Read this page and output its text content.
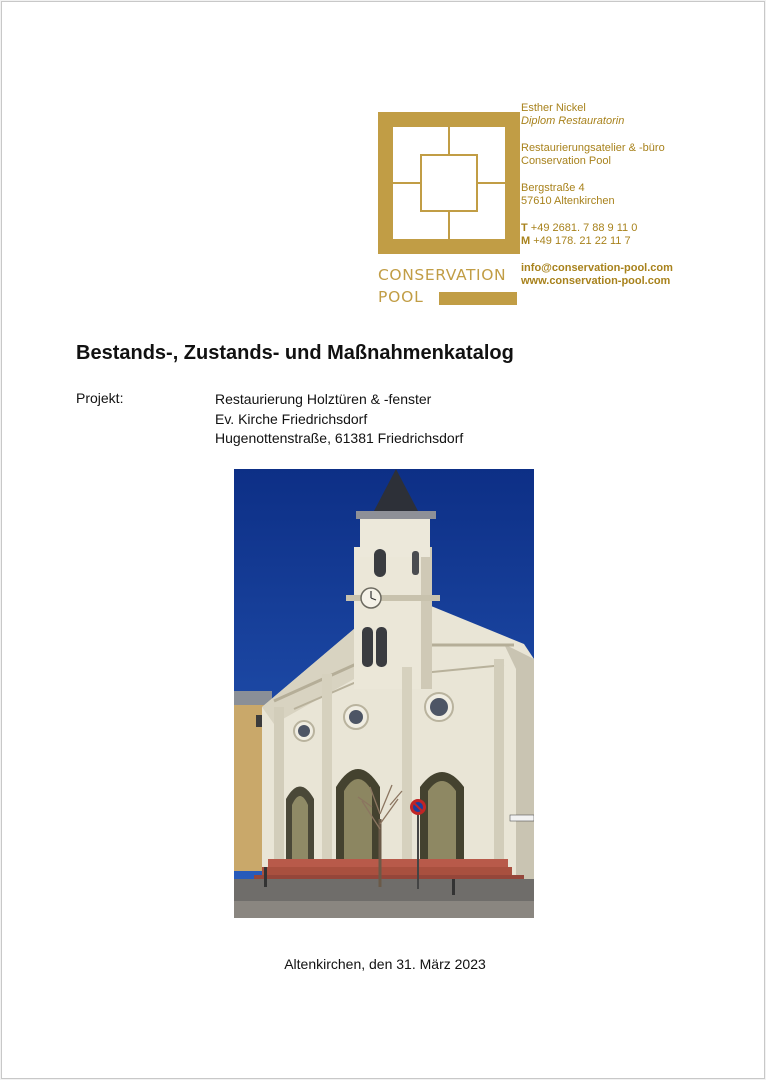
CONSERVATION
POOL
Esther Nickel
Diplom Restauratorin
Restaurierungsatelier & -büro
Conservation Pool
Bergstraße 4
57610 Altenkirchen
T +49 2681. 7 88 9 11 0
M +49 178. 21 22 11 7
info@conservation-pool.com
www.conservation-pool.com
Bestands-, Zustands- und Maßnahmenkatalog
Projekt:	Restaurierung Holztüren & -fenster
Ev. Kirche Friedrichsdorf
Hugenottenstraße, 61381 Friedrichsdorf
Altenkirchen, den 31. März 2023
